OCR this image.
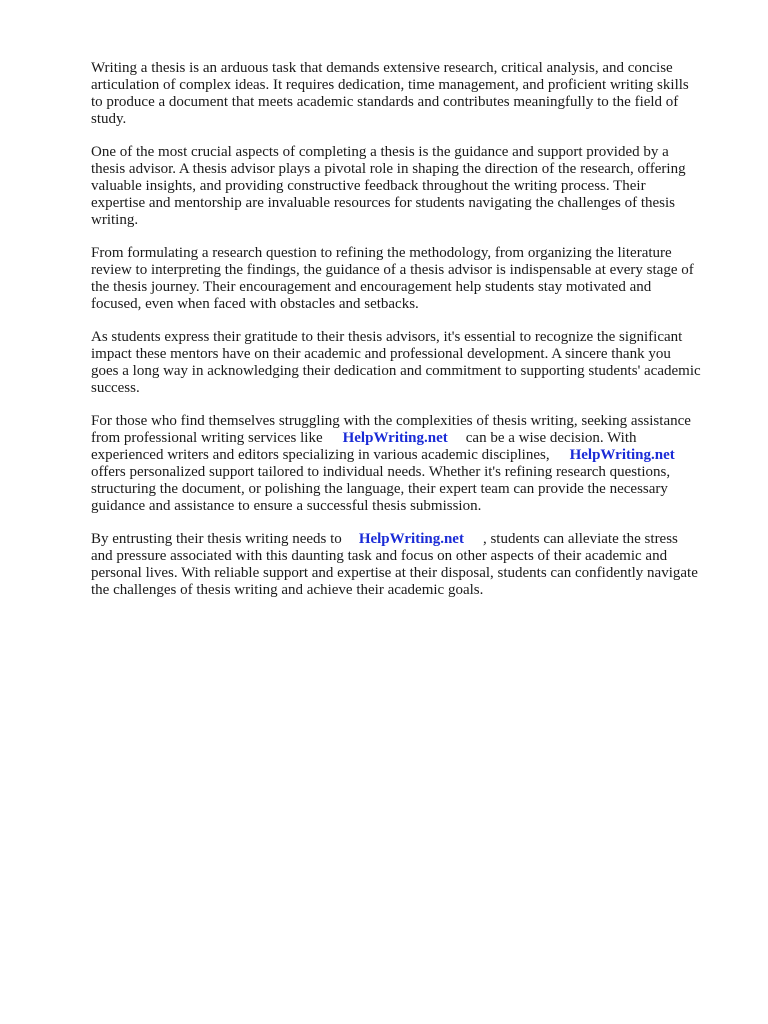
Writing a thesis is an arduous task that demands extensive research, critical analysis, and concise
articulation of complex ideas. It requires dedication, time management, and proficient writing skills
to produce a document that meets academic standards and contributes meaningfully to the field of
study.

One of the most crucial aspects of completing a thesis is the guidance and support provided by a
thesis advisor. A thesis advisor plays a pivotal role in shaping the direction of the research, offering
valuable insights, and providing constructive feedback throughout the writing process. Their
expertise and mentorship are invaluable resources for students navigating the challenges of thesis
writing.

From formulating a research question to refining the methodology, from organizing the literature
review to interpreting the findings, the guidance of a thesis advisor is indispensable at every stage of
the thesis journey. Their encouragement and encouragement help students stay motivated and
focused, even when faced with obstacles and setbacks.

As students express their gratitude to their thesis advisors, it's essential to recognize the significant
impact these mentors have on their academic and professional development. A sincere thank you
goes a long way in acknowledging their dedication and commitment to supporting students' academic
success.

For those who find themselves struggling with the complexities of thesis writing, seeking assistance
from professional writing services like HelpWriting.net can be a wise decision. With
experienced writers and editors specializing in various academic disciplines, HelpWriting.net
offers personalized support tailored to individual needs. Whether it's refining research questions,
structuring the document, or polishing the language, their expert team can provide the necessary
guidance and assistance to ensure a successful thesis submission.

By entrusting their thesis writing needs to HelpWriting.net , students can alleviate the stress
and pressure associated with this daunting task and focus on other aspects of their academic and
personal lives. With reliable support and expertise at their disposal, students can confidently navigate
the challenges of thesis writing and achieve their academic goals.
